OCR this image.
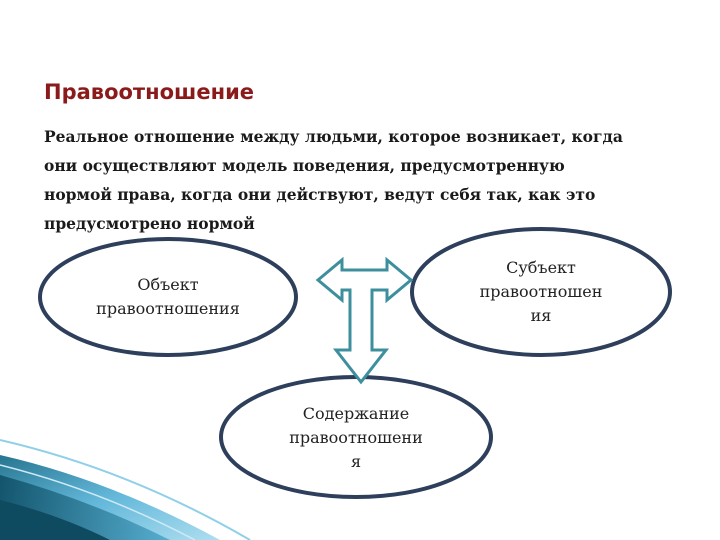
Правоотношение

Реальное отношение между людьми, которое возникает, когда
они осуществляют модель поведения, предусмотренную
нормой права, когда они действуют, ведут себя так, как это
предусмотрено нормой

Объект
правоотношения
Субъект
правоотношен
ия
Содержание
правоотношени
я
